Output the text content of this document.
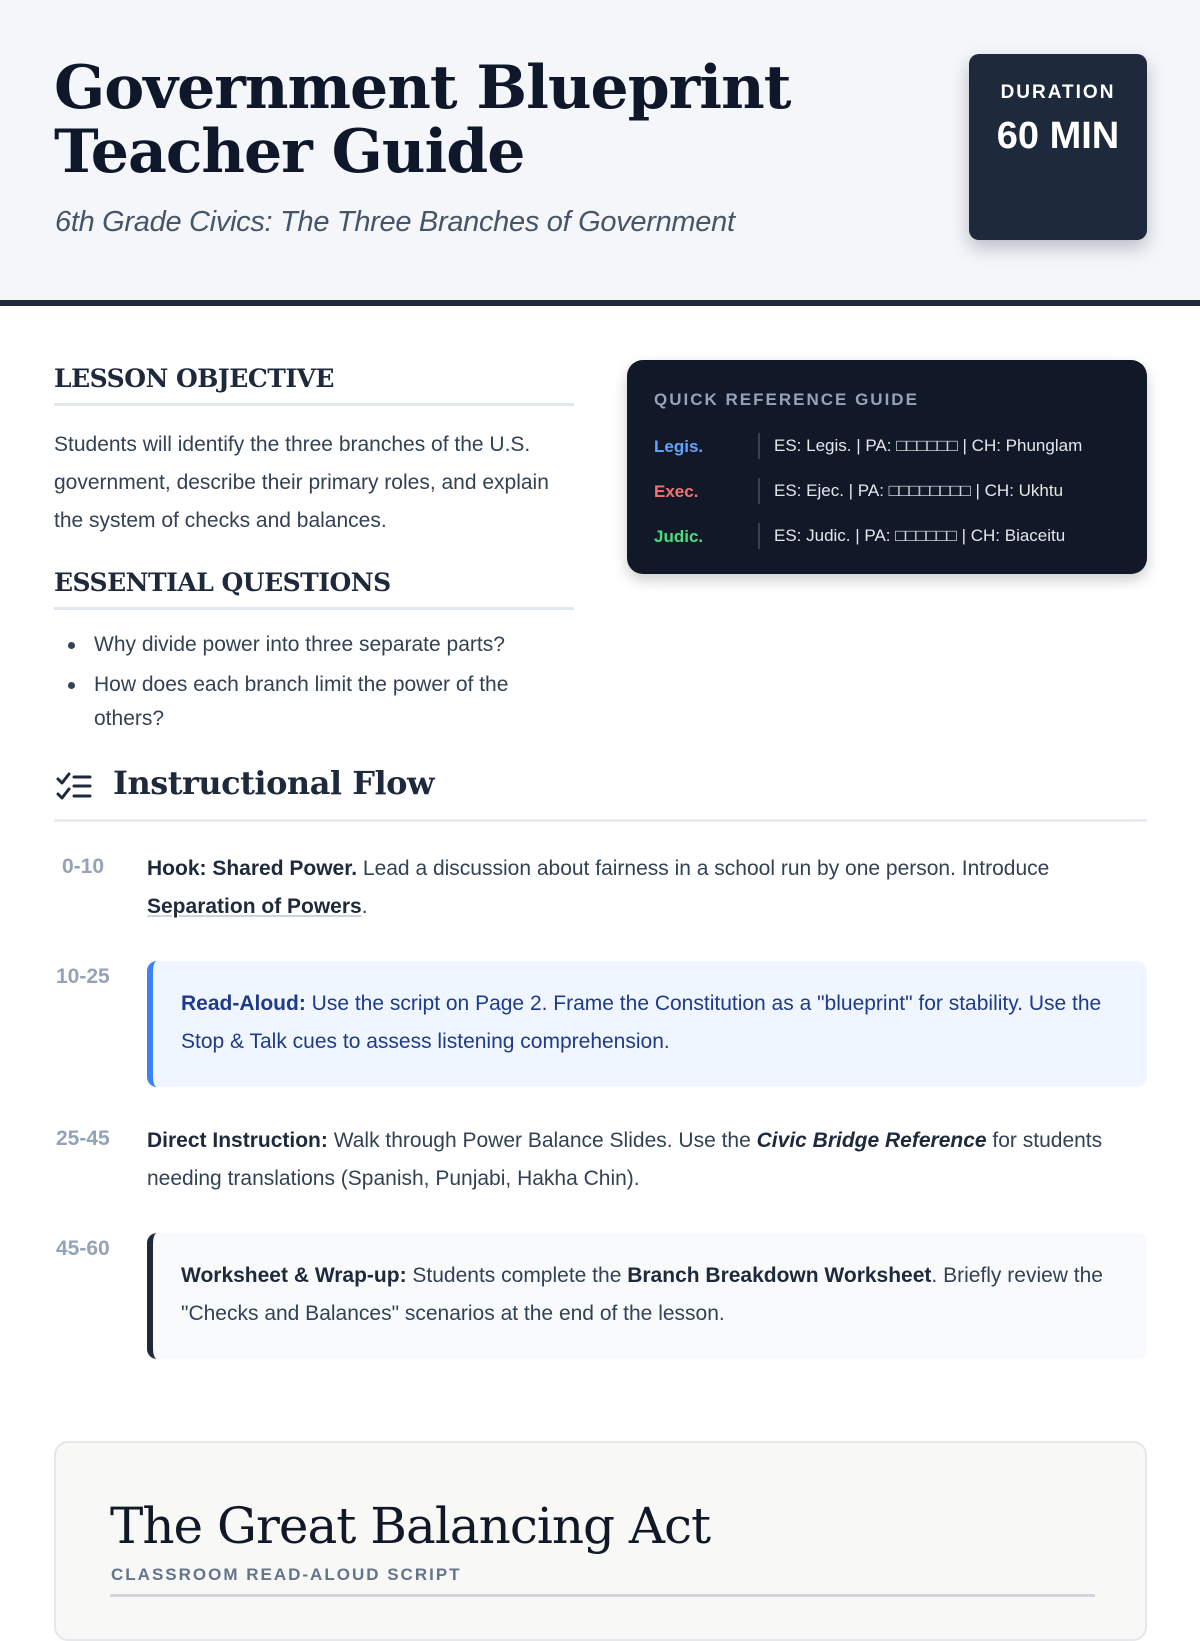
Government Blueprint Teacher Guide
6th Grade Civics: The Three Branches of Government
DURATION
60 MIN
LESSON OBJECTIVE

Students will identify the three branches of the U.S. government, describe their primary roles, and explain the system of checks and balances.

ESSENTIAL QUESTIONS
Why divide power into three separate parts?
How does each branch limit the power of the others?
QUICK REFERENCE GUIDE
Legis.	ES: Legis. | PA: □□□□□□ | CH: Phunglam
Exec.	ES: Ejec. | PA: □□□□□□□□ | CH: Ukhtu
Judic.	ES: Judic. | PA: □□□□□□ | CH: Biaceitu
Instructional Flow
0-10 Hook: Shared Power. Lead a discussion about fairness in a school run by one person. Introduce Separation of Powers.
10-25
Read-Aloud: Use the script on Page 2. Frame the Constitution as a "blueprint" for stability. Use the Stop & Talk cues to assess listening comprehension.
25-45 Direct Instruction: Walk through Power Balance Slides. Use the Civic Bridge Reference for students needing translations (Spanish, Punjabi, Hakha Chin).
45-60
Worksheet & Wrap-up: Students complete the Branch Breakdown Worksheet. Briefly review the "Checks and Balances" scenarios at the end of the lesson.
The Great Balancing Act
CLASSROOM READ-ALOUD SCRIPT
